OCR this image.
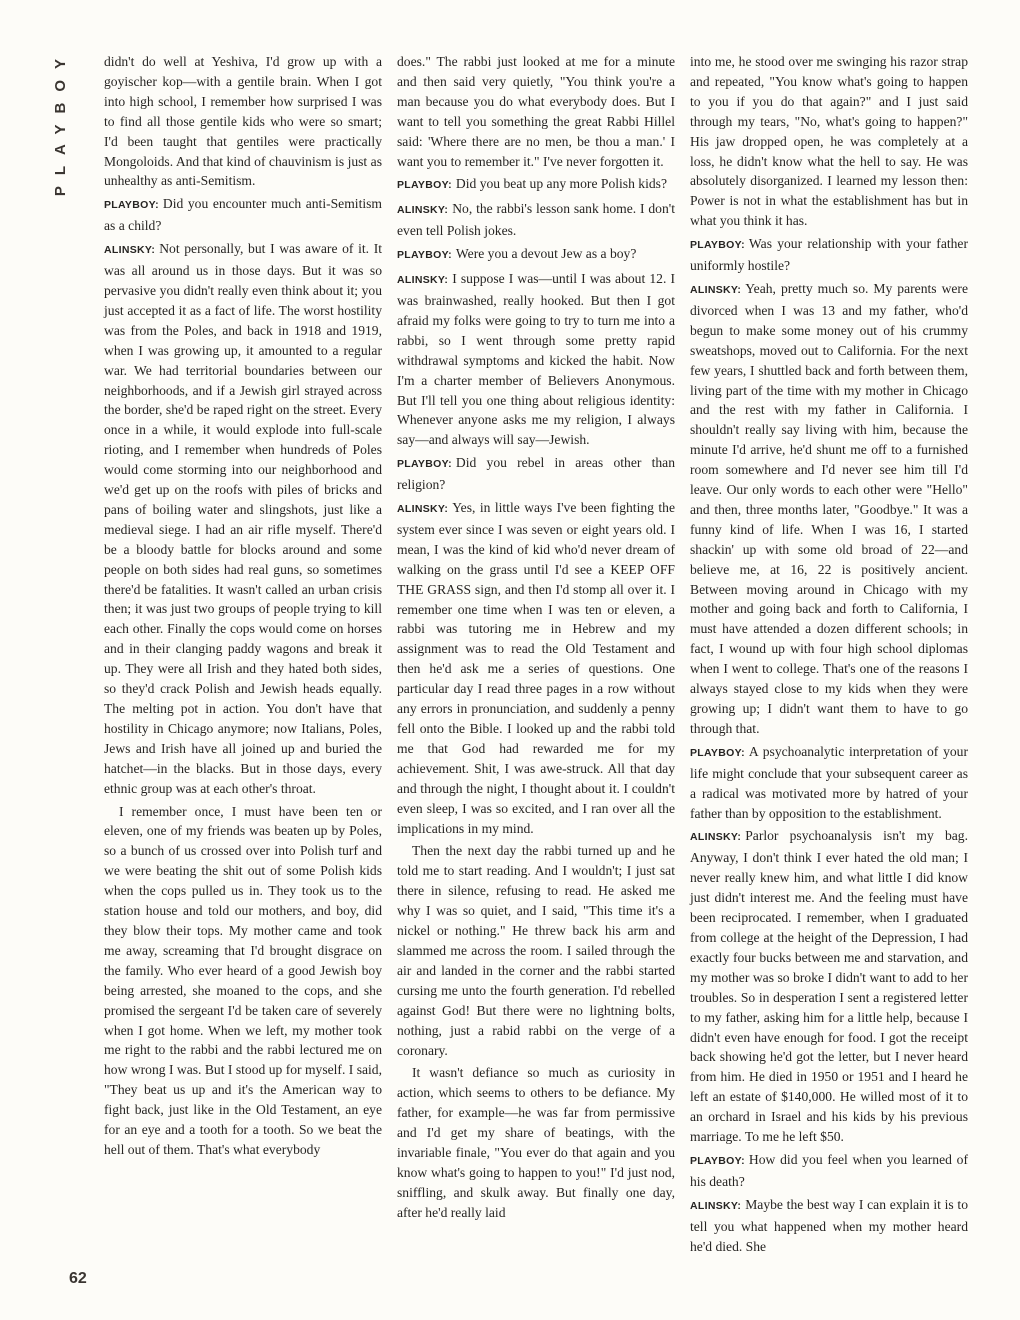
PLAYBOY
62

didn't do well at Yeshiva, I'd grow up with a goyischer kop—with a gentile brain. When I got into high school, I remember how surprised I was to find all those gentile kids who were so smart; I'd been taught that gentiles were practically Mongoloids. And that kind of chauvinism is just as unhealthy as anti-Semitism.

PLAYBOY: Did you encounter much anti-Semitism as a child?

ALINSKY: Not personally, but I was aware of it. It was all around us in those days. But it was so pervasive you didn't really even think about it; you just accepted it as a fact of life. The worst hostility was from the Poles, and back in 1918 and 1919, when I was growing up, it amounted to a regular war. We had territorial boundaries between our neighborhoods, and if a Jewish girl strayed across the border, she'd be raped right on the street. Every once in a while, it would explode into full-scale rioting, and I remember when hundreds of Poles would come storming into our neighborhood and we'd get up on the roofs with piles of bricks and pans of boiling water and slingshots, just like a medieval siege. I had an air rifle myself. There'd be a bloody battle for blocks around and some people on both sides had real guns, so sometimes there'd be fatalities. It wasn't called an urban crisis then; it was just two groups of people trying to kill each other. Finally the cops would come on horses and in their clanging paddy wagons and break it up. They were all Irish and they hated both sides, so they'd crack Polish and Jewish heads equally. The melting pot in action. You don't have that hostility in Chicago anymore; now Italians, Poles, Jews and Irish have all joined up and buried the hatchet—in the blacks. But in those days, every ethnic group was at each other's throat.

I remember once, I must have been ten or eleven, one of my friends was beaten up by Poles, so a bunch of us crossed over into Polish turf and we were beating the shit out of some Polish kids when the cops pulled us in. They took us to the station house and told our mothers, and boy, did they blow their tops. My mother came and took me away, screaming that I'd brought disgrace on the family. Who ever heard of a good Jewish boy being arrested, she moaned to the cops, and she promised the sergeant I'd be taken care of severely when I got home. When we left, my mother took me right to the rabbi and the rabbi lectured me on how wrong I was. But I stood up for myself. I said, "They beat us up and it's the American way to fight back, just like in the Old Testament, an eye for an eye and a tooth for a tooth. So we beat the hell out of them. That's what everybody

does." The rabbi just looked at me for a minute and then said very quietly, "You think you're a man because you do what everybody does. But I want to tell you something the great Rabbi Hillel said: 'Where there are no men, be thou a man.' I want you to remember it." I've never forgotten it.

PLAYBOY: Did you beat up any more Polish kids?

ALINSKY: No, the rabbi's lesson sank home. I don't even tell Polish jokes.

PLAYBOY: Were you a devout Jew as a boy?

ALINSKY: I suppose I was—until I was about 12. I was brainwashed, really hooked. But then I got afraid my folks were going to try to turn me into a rabbi, so I went through some pretty rapid withdrawal symptoms and kicked the habit. Now I'm a charter member of Believers Anonymous. But I'll tell you one thing about religious identity: Whenever anyone asks me my religion, I always say—and always will say—Jewish.

PLAYBOY: Did you rebel in areas other than religion?

ALINSKY: Yes, in little ways I've been fighting the system ever since I was seven or eight years old. I mean, I was the kind of kid who'd never dream of walking on the grass until I'd see a KEEP OFF THE GRASS sign, and then I'd stomp all over it. I remember one time when I was ten or eleven, a rabbi was tutoring me in Hebrew and my assignment was to read the Old Testament and then he'd ask me a series of questions. One particular day I read three pages in a row without any errors in pronunciation, and suddenly a penny fell onto the Bible. I looked up and the rabbi told me that God had rewarded me for my achievement. Shit, I was awe-struck. All that day and through the night, I thought about it. I couldn't even sleep, I was so excited, and I ran over all the implications in my mind.

Then the next day the rabbi turned up and he told me to start reading. And I wouldn't; I just sat there in silence, refusing to read. He asked me why I was so quiet, and I said, "This time it's a nickel or nothing." He threw back his arm and slammed me across the room. I sailed through the air and landed in the corner and the rabbi started cursing me unto the fourth generation. I'd rebelled against God! But there were no lightning bolts, nothing, just a rabid rabbi on the verge of a coronary.

It wasn't defiance so much as curiosity in action, which seems to others to be defiance. My father, for example—he was far from permissive and I'd get my share of beatings, with the invariable finale, "You ever do that again and you know what's going to happen to you!" I'd just nod, sniffling, and skulk away. But finally one day, after he'd really laid

into me, he stood over me swinging his razor strap and repeated, "You know what's going to happen to you if you do that again?" and I just said through my tears, "No, what's going to happen?" His jaw dropped open, he was completely at a loss, he didn't know what the hell to say. He was absolutely disorganized. I learned my lesson then: Power is not in what the establishment has but in what you think it has.

PLAYBOY: Was your relationship with your father uniformly hostile?

ALINSKY: Yeah, pretty much so. My parents were divorced when I was 13 and my father, who'd begun to make some money out of his crummy sweatshops, moved out to California. For the next few years, I shuttled back and forth between them, living part of the time with my mother in Chicago and the rest with my father in California. I shouldn't really say living with him, because the minute I'd arrive, he'd shunt me off to a furnished room somewhere and I'd never see him till I'd leave. Our only words to each other were "Hello" and then, three months later, "Goodbye." It was a funny kind of life. When I was 16, I started shackin' up with some old broad of 22—and believe me, at 16, 22 is positively ancient. Between moving around in Chicago with my mother and going back and forth to California, I must have attended a dozen different schools; in fact, I wound up with four high school diplomas when I went to college. That's one of the reasons I always stayed close to my kids when they were growing up; I didn't want them to have to go through that.

PLAYBOY: A psychoanalytic interpretation of your life might conclude that your subsequent career as a radical was motivated more by hatred of your father than by opposition to the establishment.

ALINSKY: Parlor psychoanalysis isn't my bag. Anyway, I don't think I ever hated the old man; I never really knew him, and what little I did know just didn't interest me. And the feeling must have been reciprocated. I remember, when I graduated from college at the height of the Depression, I had exactly four bucks between me and starvation, and my mother was so broke I didn't want to add to her troubles. So in desperation I sent a registered letter to my father, asking him for a little help, because I didn't even have enough for food. I got the receipt back showing he'd got the letter, but I never heard from him. He died in 1950 or 1951 and I heard he left an estate of $140,000. He willed most of it to an orchard in Israel and his kids by his previous marriage. To me he left $50.

PLAYBOY: How did you feel when you learned of his death?

ALINSKY: Maybe the best way I can explain it is to tell you what happened when my mother heard he'd died. She
